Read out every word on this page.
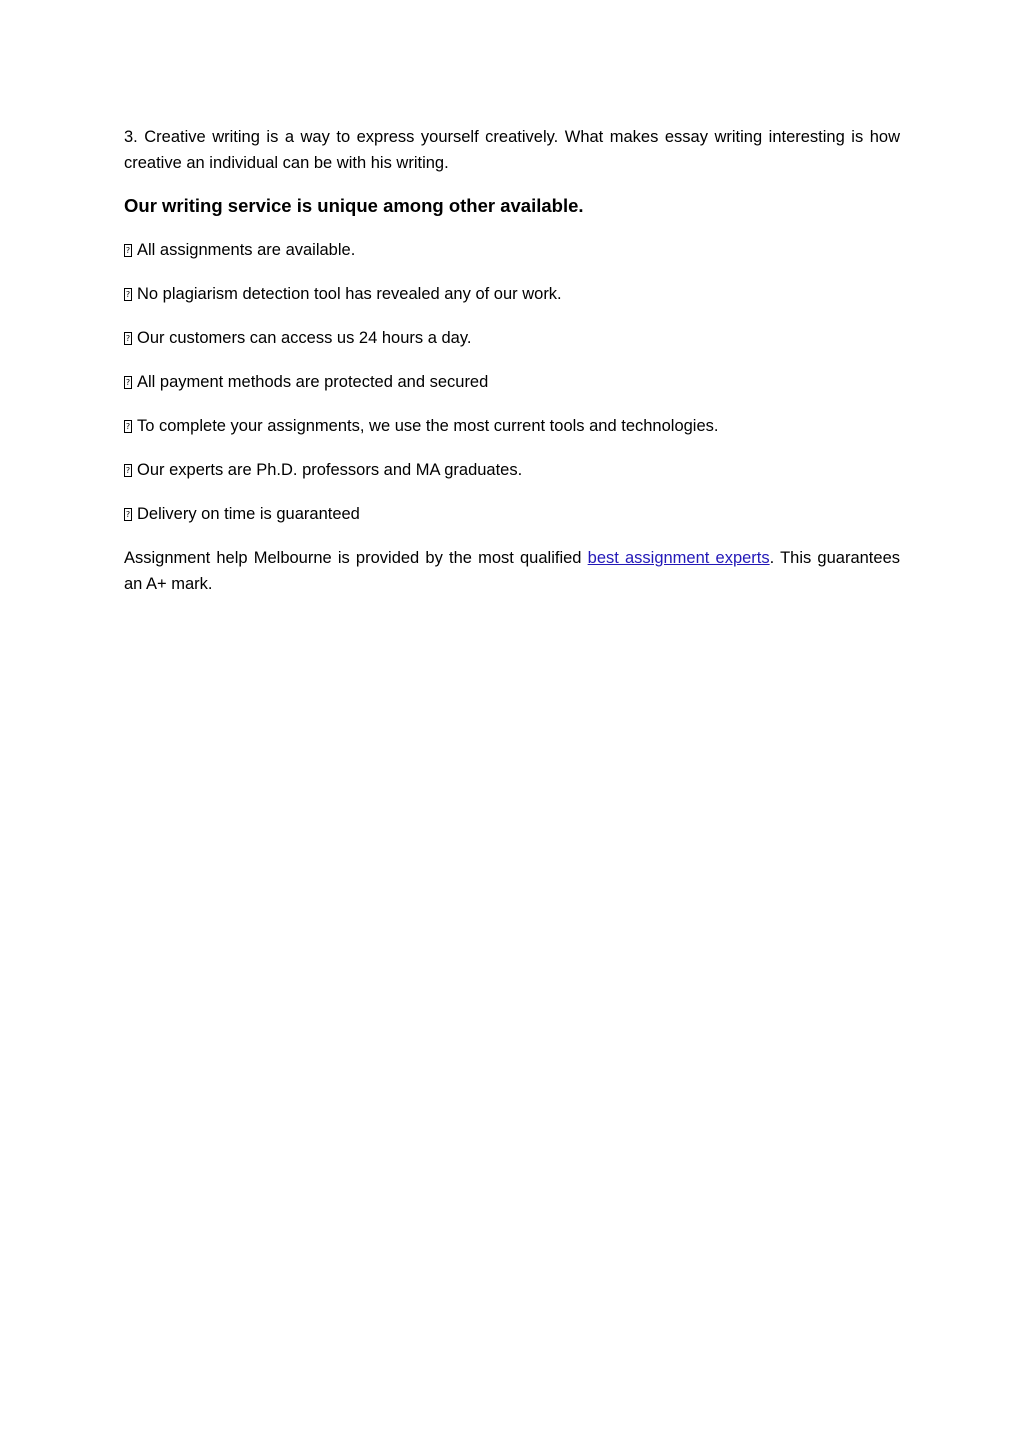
3. Creative writing is a way to express yourself creatively. What makes essay writing interesting is how creative an individual can be with his writing.

Our writing service is unique among other available.
?
All assignments are available.
?
No plagiarism detection tool has revealed any of our work.
?
Our customers can access us 24 hours a day.
?
All payment methods are protected and secured
?
To complete your assignments, we use the most current tools and technologies.
?
Our experts are Ph.D. professors and MA graduates.
?
Delivery on time is guaranteed

Assignment help Melbourne is provided by the most qualified best assignment experts. This guarantees an A+ mark.
